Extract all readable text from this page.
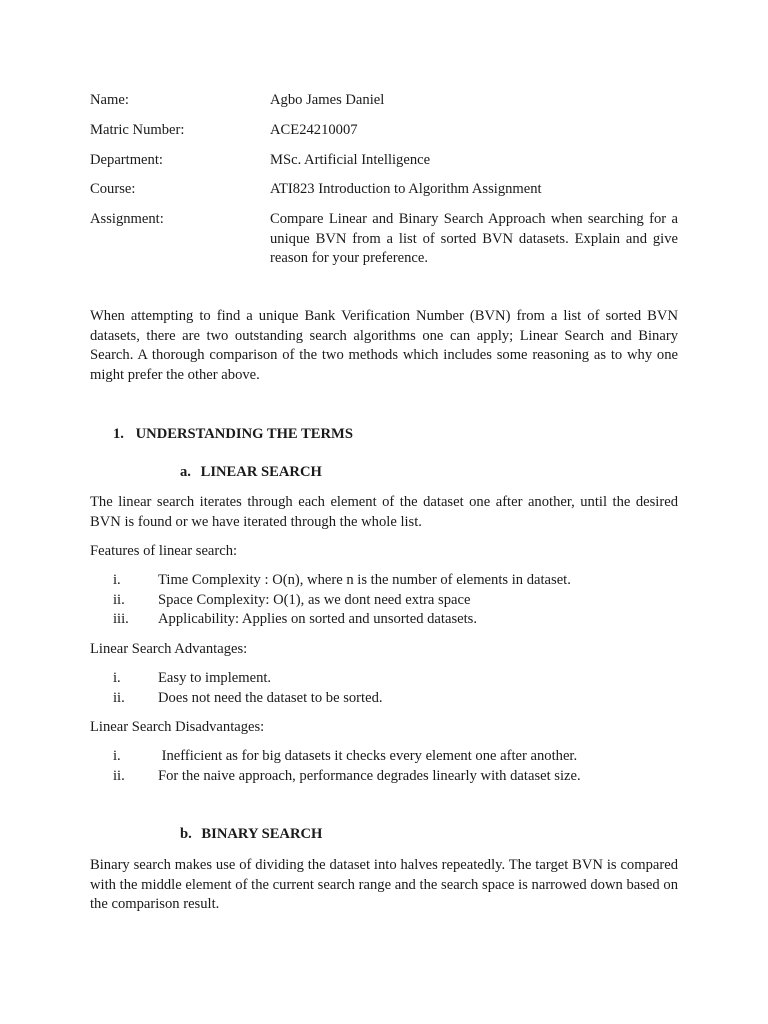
Name:	Agbo James Daniel
Matric Number:	ACE24210007
Department:	MSc. Artificial Intelligence
Course:	ATI823 Introduction to Algorithm Assignment
Assignment:	Compare Linear and Binary Search Approach when searching for a unique BVN from a list of sorted BVN datasets. Explain and give reason for your preference.
When attempting to find a unique Bank Verification Number (BVN) from a list of sorted BVN datasets, there are two outstanding search algorithms one can apply; Linear Search and Binary Search. A thorough comparison of the two methods which includes some reasoning as to why one might prefer the other above.
1. UNDERSTANDING THE TERMS
a. LINEAR SEARCH
The linear search iterates through each element of the dataset one after another, until the desired BVN is found or we have iterated through the whole list.
Features of linear search:
i.	Time Complexity : O(n), where n is the number of elements in dataset.
ii.	Space Complexity: O(1), as we dont need extra space
iii.	Applicability: Applies on sorted and unsorted datasets.
Linear Search Advantages:
i.	Easy to implement.
ii.	Does not need the dataset to be sorted.
Linear Search Disadvantages:
i.	Inefficient as for big datasets it checks every element one after another.
ii.	For the naive approach, performance degrades linearly with dataset size.
b. BINARY SEARCH
Binary search makes use of dividing the dataset into halves repeatedly. The target BVN is compared with the middle element of the current search range and the search space is narrowed down based on the comparison result.
